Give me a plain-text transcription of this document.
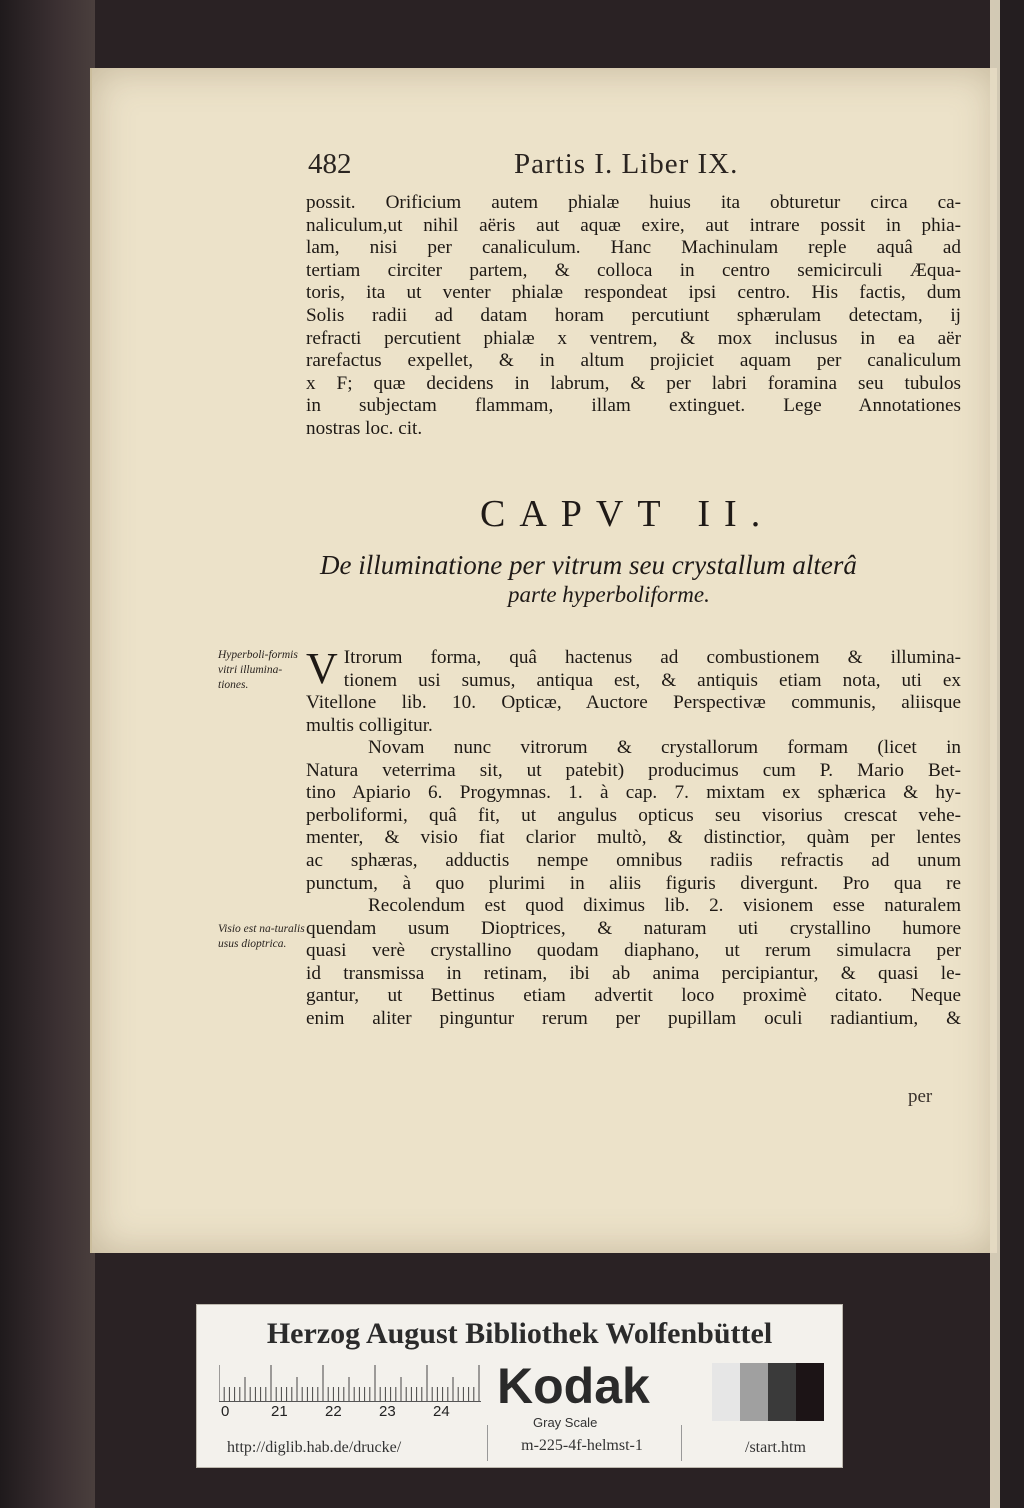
482	Partis I. Liber IX.
possit. Orificium autem phialæ huius ita obturetur circa ca-
naliculum,ut nihil aëris aut aquæ exire, aut intrare possit in phia-
lam, nisi per canaliculum. Hanc Machinulam reple aquâ ad
tertiam circiter partem, & colloca in centro semicirculi Æqua-
toris, ita ut venter phialæ respondeat ipsi centro. His factis, dum
Solis radii ad datam horam percutiunt sphærulam detectam, ij
refracti percutient phialæ x ventrem, & mox inclusus in ea aër
rarefactus expellet, & in altum projiciet aquam per canaliculum
x F; quæ decidens in labrum, & per labri foramina seu tubulos
in subjectam flammam, illam extinguet. Lege Annotationes
nostras loc. cit.
CAPVT II.
De illuminatione per vitrum seu crystallum alterâ
parte hyperboliforme.
Hyperboli-formis vitri illumina-tiones.
Visio est na-turalis usus dioptrica.
V Itrorum forma, quâ hactenus ad combustionem & illumina-
tionem usi sumus, antiqua est, & antiquis etiam nota, uti ex
Vitellone lib. 10. Opticæ, Auctore Perspectivæ communis, aliisque
multis colligitur.
Novam nunc vitrorum & crystallorum formam (licet in
Natura veterrima sit, ut patebit) producimus cum P. Mario Bet-
tino Apiario 6. Progymnas. 1. à cap. 7. mixtam ex sphærica & hy-
perboliformi, quâ fit, ut angulus opticus seu visorius crescat vehe-
menter, & visio fiat clarior multò, & distinctior, quàm per lentes
ac sphæras, adductis nempe omnibus radiis refractis ad unum
punctum, à quo plurimi in aliis figuris divergunt. Pro qua re
Recolendum est quod diximus lib. 2. visionem esse naturalem
quendam usum Dioptrices, & naturam uti crystallino humore
quasi verè crystallino quodam diaphano, ut rerum simulacra per
id transmissa in retinam, ibi ab anima percipiantur, & quasi le-
gantur, ut Bettinus etiam advertit loco proximè citato. Neque
enim aliter pinguntur rerum per pupillam oculi radiantium, &
per
Herzog August Bibliothek Wolfenbüttel
0	21 22 23 24 Kodak
Gray Scale
http://diglib.hab.de/drucke/	m-225-4f-helmst-1	/start.htm
